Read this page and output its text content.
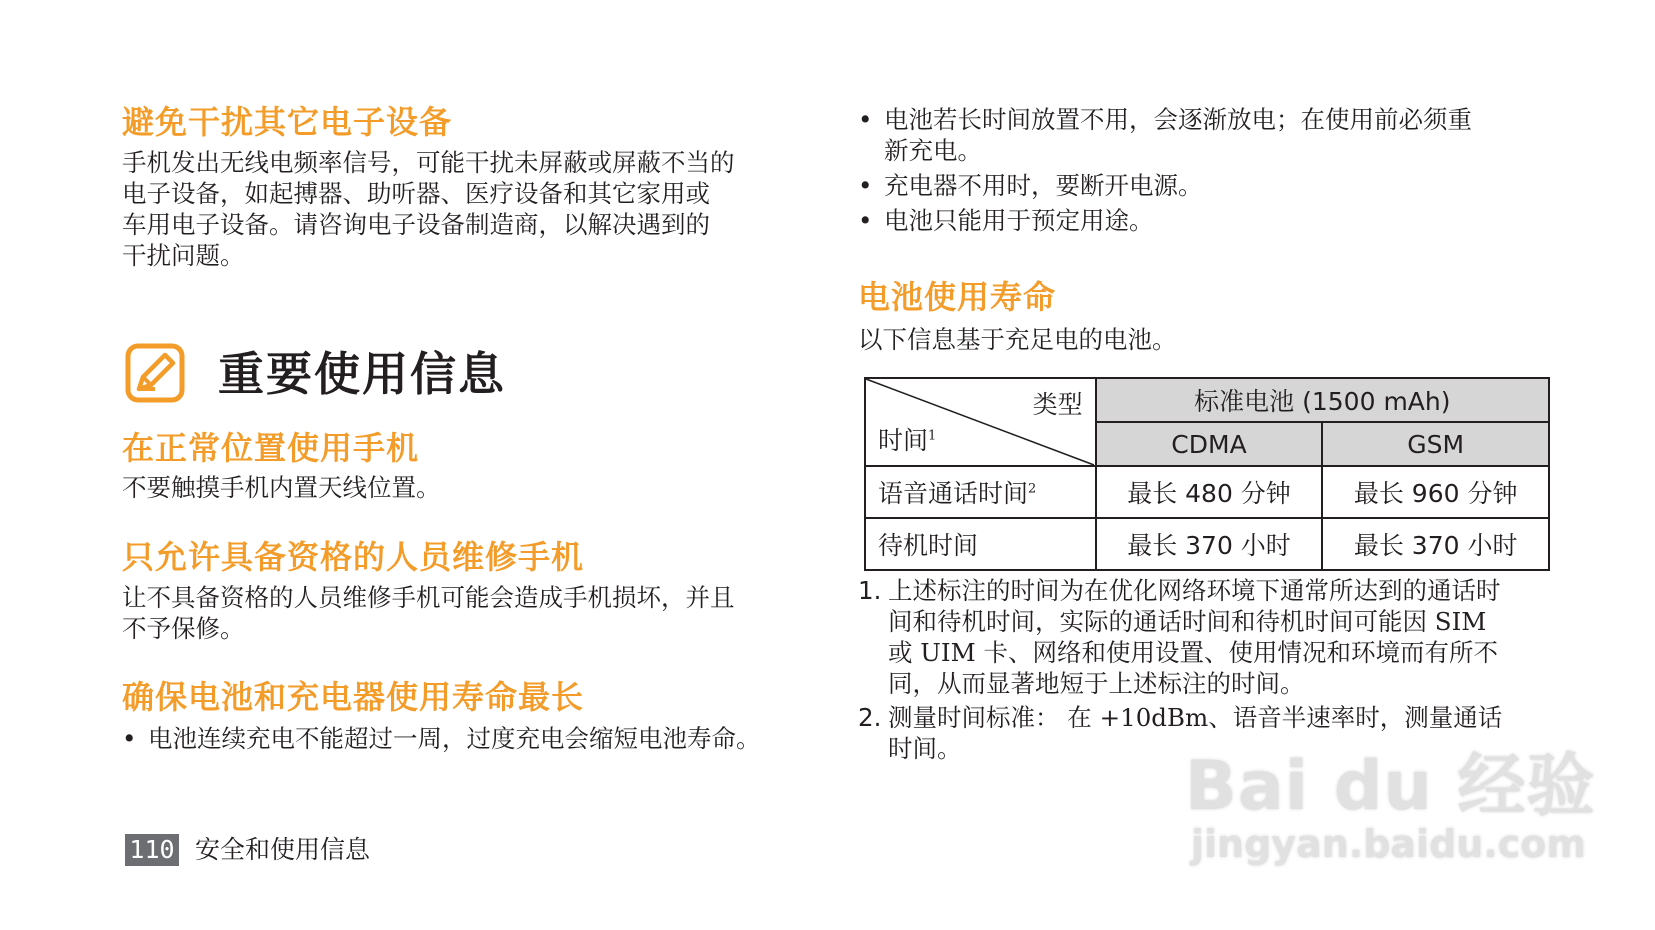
避免干扰其它电子设备
手机发出无线电频率信号，可能干扰未屏蔽或屏蔽不当的
电子设备，如起搏器、助听器、医疗设备和其它家用或
车用电子设备。请咨询电子设备制造商，以解决遇到的
干扰问题。
重要使用信息
在正常位置使用手机
不要触摸手机内置天线位置。
只允许具备资格的人员维修手机
让不具备资格的人员维修手机可能会造成手机损坏，并且
不予保修。
确保电池和充电器使用寿命最长
• 电池连续充电不能超过一周，过度充电会缩短电池寿命。
110 安全和使用信息
• 电池若长时间放置不用，会逐渐放电；在使用前必须重
新充电。
• 充电器不用时，要断开电源。
• 电池只能用于预定用途。
电池使用寿命
以下信息基于充足电的电池。
类型
时间$^1$	标准电池 (1500 mAh)	
	CDMA	GSM
语音通话时间$^2$	最长 480 分钟	最长 960 分钟
待机时间	最长 370 小时	最长 370 小时
1. 上述标注的时间为在优化网络环境下通常所达到的通话时
间和待机时间，实际的通话时间和待机时间可能因 SIM
或 UIM 卡、网络和使用设置、使用情况和环境而有所不
同，从而显著地短于上述标注的时间。
2. 测量时间标准： 在 +10dBm、语音半速率时，测量通话
时间。	Bai du 经验
jingyan.baidu.com
